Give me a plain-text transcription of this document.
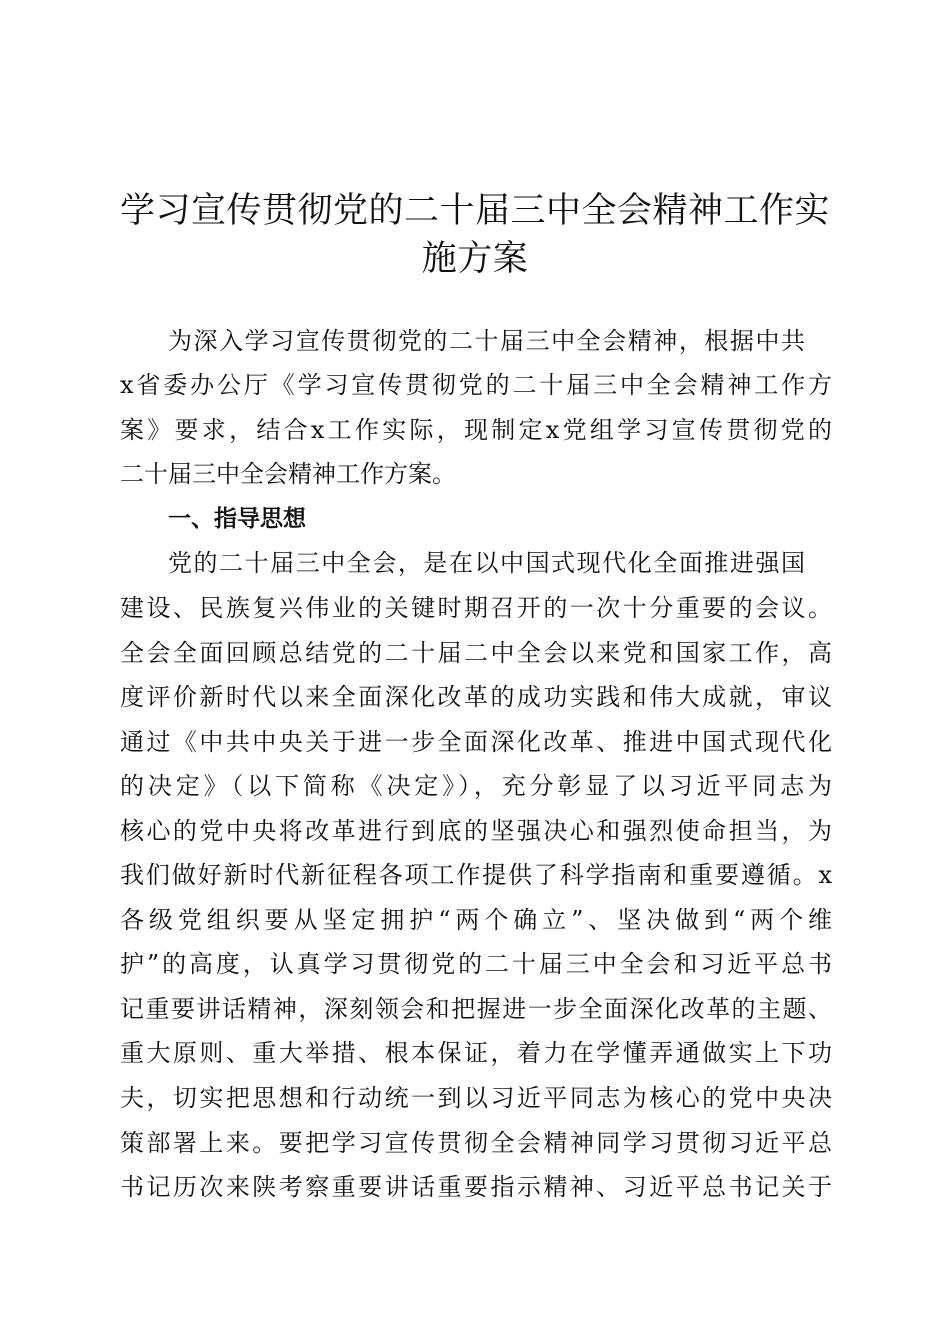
学习宣传贯彻党的二十届三中全会精神工作实
施方案
为深入学习宣传贯彻党的二十届三中全会精神，根据中共
x省委办公厅《学习宣传贯彻党的二十届三中全会精神工作方
案》要求，结合x工作实际，现制定x党组学习宣传贯彻党的
二十届三中全会精神工作方案。
一、指导思想
党的二十届三中全会，是在以中国式现代化全面推进强国
建设、民族复兴伟业的关键时期召开的一次十分重要的会议。
全会全面回顾总结党的二十届二中全会以来党和国家工作，高
度评价新时代以来全面深化改革的成功实践和伟大成就，审议
通过《中共中央关于进一步全面深化改革、推进中国式现代化
的决定》（以下简称《决定》），充分彰显了以习近平同志为
核心的党中央将改革进行到底的坚强决心和强烈使命担当，为
我们做好新时代新征程各项工作提供了科学指南和重要遵循。x
各级党组织要从坚定拥护“两个确立”、坚决做到“两个维
护”的高度，认真学习贯彻党的二十届三中全会和习近平总书
记重要讲话精神，深刻领会和把握进一步全面深化改革的主题、
重大原则、重大举措、根本保证，着力在学懂弄通做实上下功
夫，切实把思想和行动统一到以习近平同志为核心的党中央决
策部署上来。要把学习宣传贯彻全会精神同学习贯彻习近平总
书记历次来陕考察重要讲话重要指示精神、习近平总书记关于
